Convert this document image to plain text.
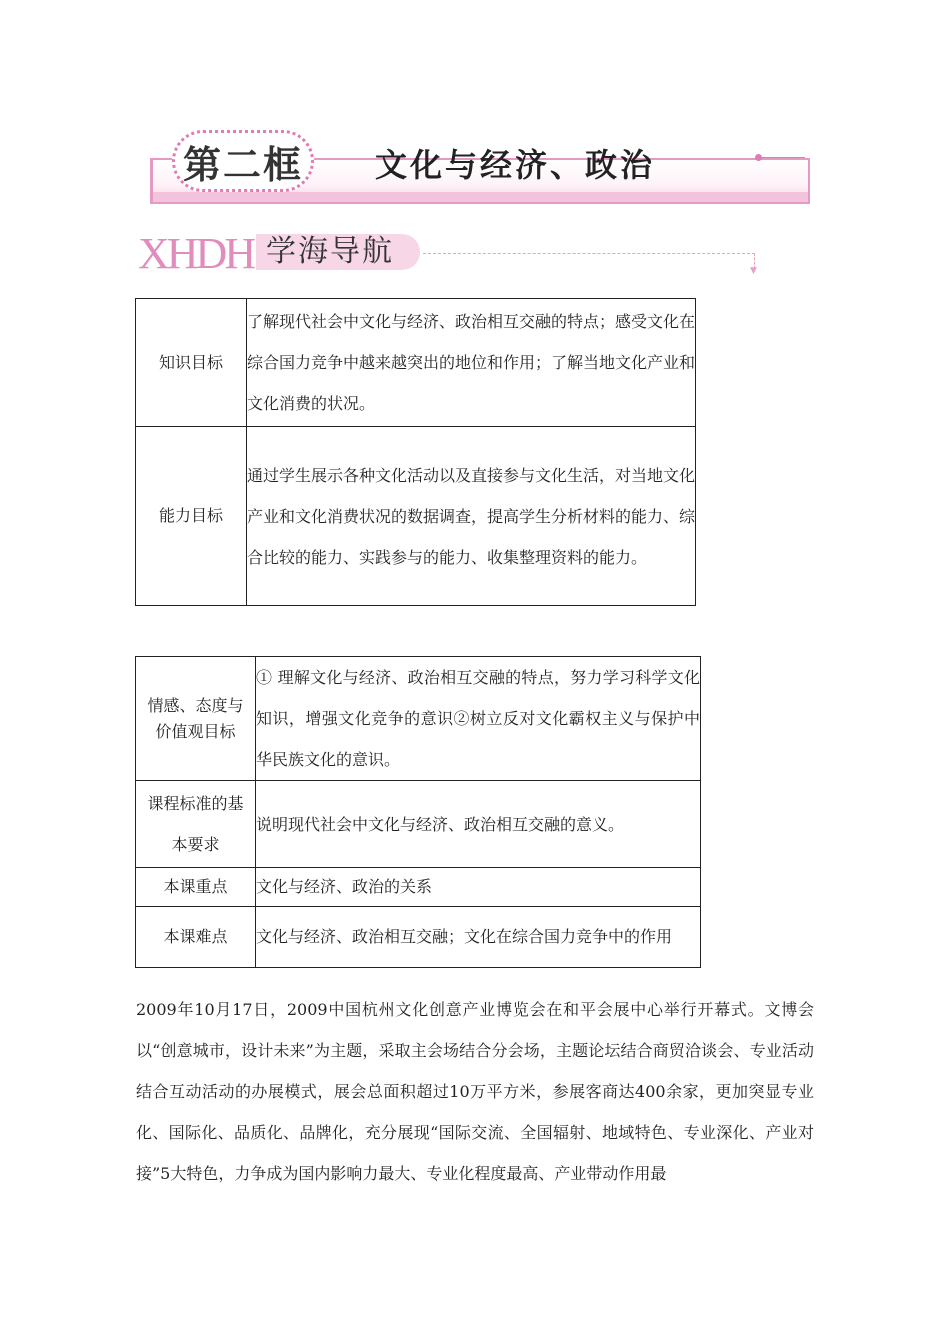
第二框	文化与经济、政治
XHDH 学海导航
▼
知识目标	了解现代社会中文化与经济、政治相互交融的特点；感受文化在综合国力竞争中越来越突出的地位和作用；了解当地文化产业和文化消费的状况。
能力目标	通过学生展示各种文化活动以及直接参与文化生活，对当地文化产业和文化消费状况的数据调查，提高学生分析材料的能力、综合比较的能力、实践参与的能力、收集整理资料的能力。
情感、态度与价值观目标	① 理解文化与经济、政治相互交融的特点，努力学习科学文化知识，增强文化竞争的意识②树立反对文化霸权主义与保护中华民族文化的意识。
课程标准的基本要求	说明现代社会中文化与经济、政治相互交融的意义。
本课重点	文化与经济、政治的关系
本课难点	文化与经济、政治相互交融；文化在综合国力竞争中的作用
2009年10月17日，2009中国杭州文化创意产业博览会在和平会展中心举行开幕式。文博会以“创意城市，设计未来”为主题，采取主会场结合分会场，主题论坛结合商贸洽谈会、专业活动结合互动活动的办展模式，展会总面积超过10万平方米，参展客商达400余家，更加突显专业化、国际化、品质化、品牌化，充分展现“国际交流、全国辐射、地域特色、专业深化、产业对接”5大特色，力争成为国内影响力最大、专业化程度最高、产业带动作用最
